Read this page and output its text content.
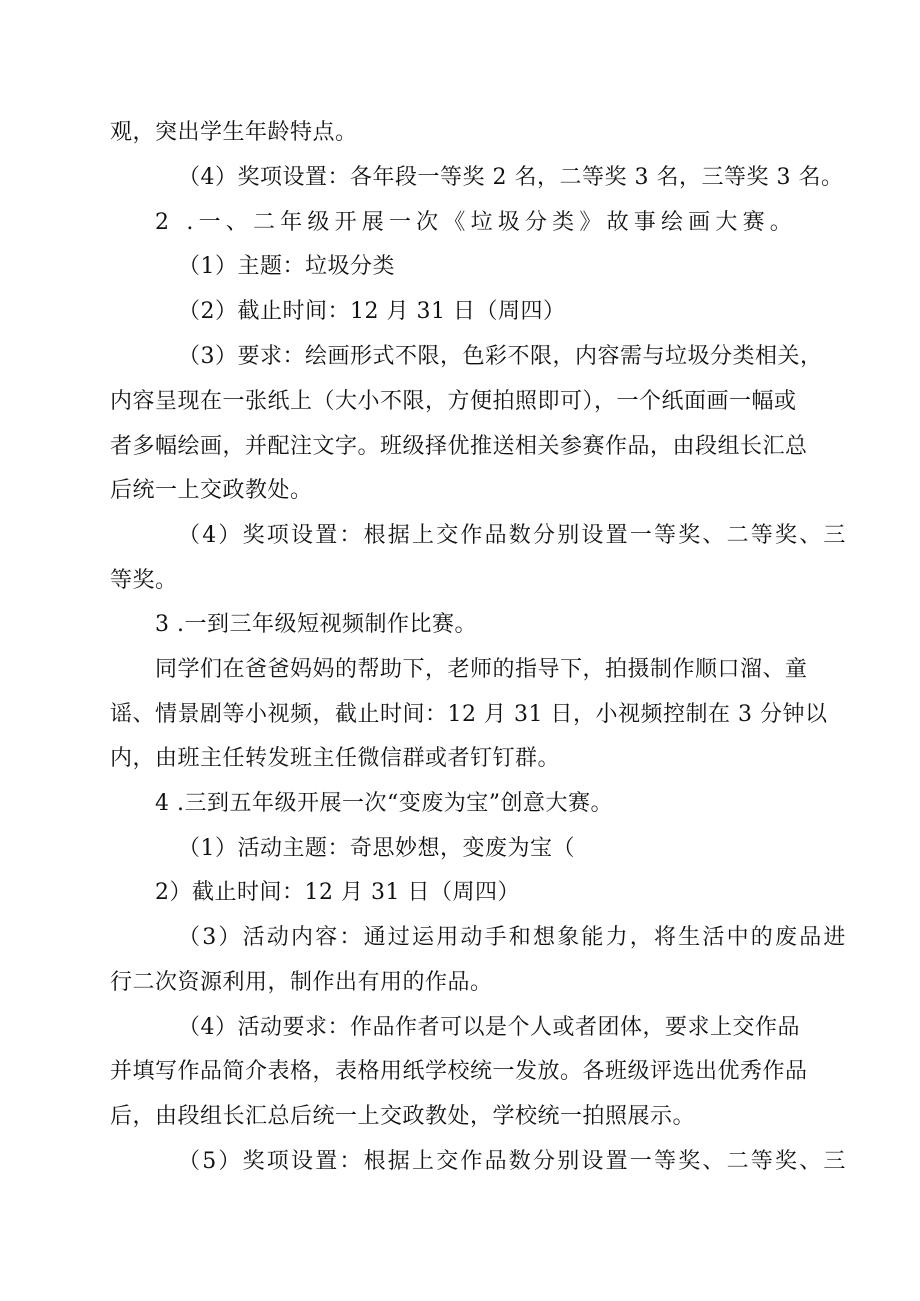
观，突出学生年龄特点。
（4）奖项设置：各年段一等奖 2 名，二等奖 3 名，三等奖 3 名。
2 .一、二年级开展一次《垃圾分类》故事绘画大赛。
（1）主题：垃圾分类
（2）截止时间：12 月 31 日（周四）
（3）要求：绘画形式不限，色彩不限，内容需与垃圾分类相关，
内容呈现在一张纸上（大小不限，方便拍照即可），一个纸面画一幅或
者多幅绘画，并配注文字。班级择优推送相关参赛作品，由段组长汇总
后统一上交政教处。
（4）奖项设置：根据上交作品数分别设置一等奖、二等奖、三
等奖。
3 .一到三年级短视频制作比赛。
同学们在爸爸妈妈的帮助下，老师的指导下，拍摄制作顺口溜、童
谣、情景剧等小视频，截止时间：12 月 31 日，小视频控制在 3 分钟以
内，由班主任转发班主任微信群或者钉钉群。
4 .三到五年级开展一次“变废为宝”创意大赛。
（1）活动主题：奇思妙想，变废为宝（
2）截止时间：12 月 31 日（周四）
（3）活动内容：通过运用动手和想象能力，将生活中的废品进
行二次资源利用，制作出有用的作品。
（4）活动要求：作品作者可以是个人或者团体，要求上交作品
并填写作品简介表格，表格用纸学校统一发放。各班级评选出优秀作品
后，由段组长汇总后统一上交政教处，学校统一拍照展示。
（5）奖项设置：根据上交作品数分别设置一等奖、二等奖、三
